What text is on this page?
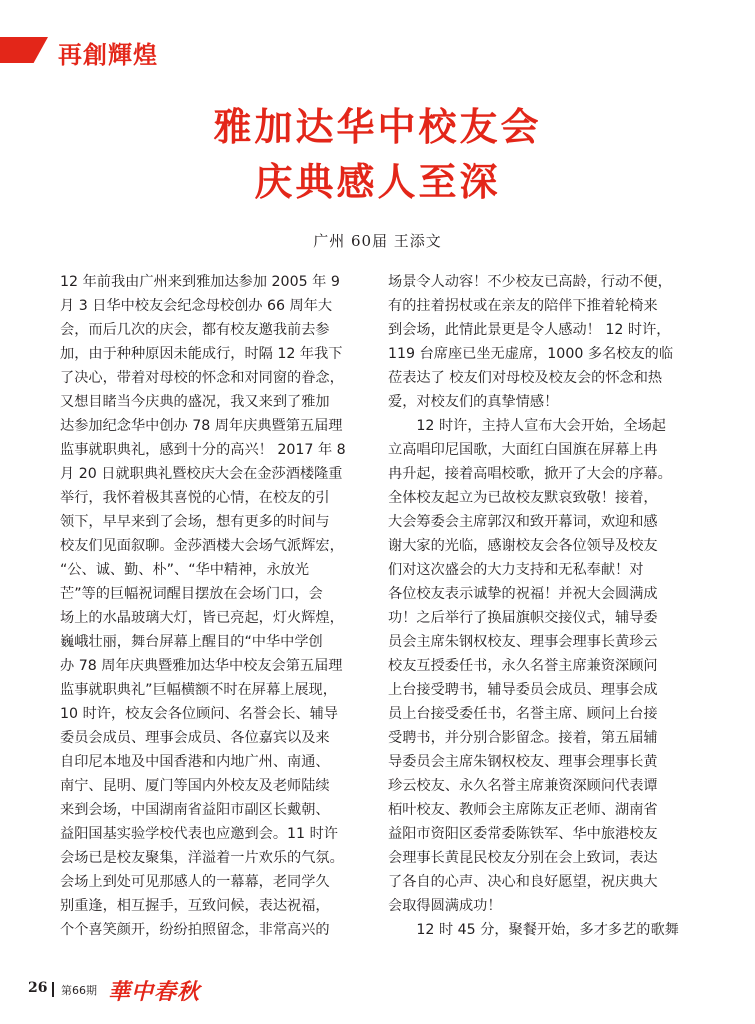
再創輝煌
雅加达华中校友会
庆典感人至深
广州 60届 王添文
12 年前我由广州来到雅加达参加 2005 年 9
月 3 日华中校友会纪念母校创办 66 周年大
会，而后几次的庆会，都有校友邀我前去参
加，由于种种原因未能成行，时隔 12 年我下
了决心，带着对母校的怀念和对同窗的眷念，
又想目睹当今庆典的盛况，我又来到了雅加
达参加纪念华中创办 78 周年庆典暨第五届理
监事就职典礼，感到十分的高兴！ 2017 年 8
月 20 日就职典礼暨校庆大会在金莎酒楼隆重
举行，我怀着极其喜悦的心情，在校友的引
领下，早早来到了会场，想有更多的时间与
校友们见面叙聊。金莎酒楼大会场气派辉宏，
“公、诚、勤、朴”、“华中精神，永放光
芒”等的巨幅祝词醒目摆放在会场门口，会
场上的水晶玻璃大灯，皆已亮起，灯火辉煌，
巍峨壮丽，舞台屏幕上醒目的“中华中学创
办 78 周年庆典暨雅加达华中校友会第五届理
监事就职典礼”巨幅横额不时在屏幕上展现，
10 时许，校友会各位顾问、名誉会长、辅导
委员会成员、理事会成员、各位嘉宾以及来
自印尼本地及中国香港和内地广州、南通、
南宁、昆明、厦门等国内外校友及老师陆续
来到会场，中国湖南省益阳市副区长戴朝、
益阳国基实验学校代表也应邀到会。11 时许
会场已是校友聚集，洋溢着一片欢乐的气氛。
会场上到处可见那感人的一幕幕，老同学久
别重逢，相互握手，互致问候，表达祝福，
个个喜笑颜开，纷纷拍照留念，非常高兴的
场景令人动容！不少校友已高龄，行动不便，
有的拄着拐杖或在亲友的陪伴下推着轮椅来
到会场，此情此景更是令人感动！ 12 时许，
119 台席座已坐无虚席，1000 多名校友的临
莅表达了 校友们对母校及校友会的怀念和热
爱，对校友们的真挚情感！
　　12 时许，主持人宣布大会开始，全场起
立高唱印尼国歌，大面红白国旗在屏幕上冉
冉升起，接着高唱校歌，掀开了大会的序幕。
全体校友起立为已故校友默哀致敬！接着，
大会筹委会主席郭汉和致开幕词，欢迎和感
谢大家的光临，感谢校友会各位领导及校友
们对这次盛会的大力支持和无私奉献！对
各位校友表示诚挚的祝福！并祝大会圆满成
功！之后举行了换届旗帜交接仪式，辅导委
员会主席朱钢权校友、理事会理事长黄珍云
校友互授委任书，永久名誉主席兼资深顾问
上台接受聘书，辅导委员会成员、理事会成
员上台接受委任书，名誉主席、顾问上台接
受聘书，并分别合影留念。接着，第五届辅
导委员会主席朱钢权校友、理事会理事长黄
珍云校友、永久名誉主席兼资深顾问代表谭
栢叶校友、教师会主席陈友正老师、湖南省
益阳市资阳区委常委陈铁军、华中旅港校友
会理事长黄昆民校友分别在会上致词，表达
了各自的心声、决心和良好愿望，祝庆典大
会取得圆满成功！
　　12 时 45 分，聚餐开始，多才多艺的歌舞
26 第66期 華中春秋
